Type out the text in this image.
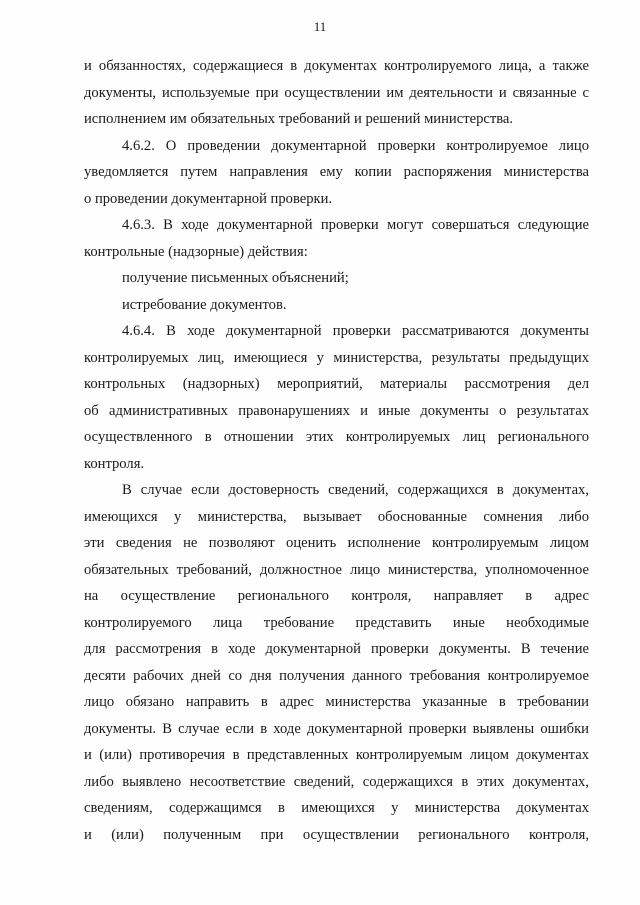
11
и обязанностях, содержащиеся в документах контролируемого лица, а также
документы, используемые при осуществлении им деятельности и связанные с
исполнением им обязательных требований и решений министерства.
4.6.2. О проведении документарной проверки контролируемое лицо
уведомляется путем направления ему копии распоряжения министерства
о проведении документарной проверки.
4.6.3. В ходе документарной проверки могут совершаться следующие
контрольные (надзорные) действия:
получение письменных объяснений;
истребование документов.
4.6.4. В ходе документарной проверки рассматриваются документы
контролируемых лиц, имеющиеся у министерства, результаты предыдущих
контрольных (надзорных) мероприятий, материалы рассмотрения дел
об административных правонарушениях и иные документы о результатах
осуществленного в отношении этих контролируемых лиц регионального
контроля.
В случае если достоверность сведений, содержащихся в документах,
имеющихся у министерства, вызывает обоснованные сомнения либо
эти сведения не позволяют оценить исполнение контролируемым лицом
обязательных требований, должностное лицо министерства, уполномоченное
на осуществление регионального контроля, направляет в адрес
контролируемого лица требование представить иные необходимые
для рассмотрения в ходе документарной проверки документы. В течение
десяти рабочих дней со дня получения данного требования контролируемое
лицо обязано направить в адрес министерства указанные в требовании
документы. В случае если в ходе документарной проверки выявлены ошибки
и (или) противоречия в представленных контролируемым лицом документах
либо выявлено несоответствие сведений, содержащихся в этих документах,
сведениям, содержащимся в имеющихся у министерства документах
и (или) полученным при осуществлении регионального контроля,
